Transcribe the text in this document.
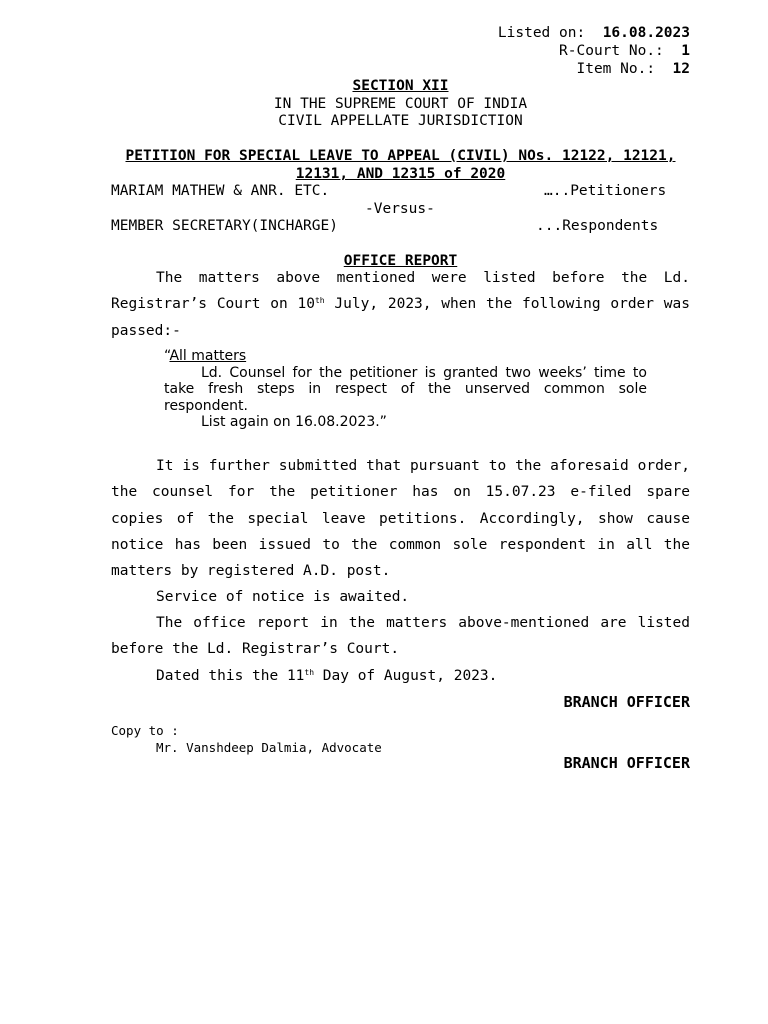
Listed on: 16.08.2023
R-Court No.: 1
Item No.: 12
SECTION XII
IN THE SUPREME COURT OF INDIA
CIVIL APPELLATE JURISDICTION
PETITION FOR SPECIAL LEAVE TO APPEAL (CIVIL) NOs. 12122, 12121,
12131, AND 12315 of 2020
MARIAM MATHEW & ANR. ETC.	…..Petitioners
-Versus-
MEMBER SECRETARY(INCHARGE)	...Respondents
OFFICE REPORT
The matters above mentioned were listed before the Ld. Registrar’s Court on 10th July, 2023, when the following order was passed:-
“All matters
Ld. Counsel for the petitioner is granted two weeks’ time to take fresh steps in respect of the unserved common sole respondent.
List again on 16.08.2023.”
It is further submitted that pursuant to the aforesaid order, the counsel for the petitioner has on 15.07.23 e-filed spare copies of the special leave petitions. Accordingly, show cause notice has been issued to the common sole respondent in all the matters by registered A.D. post.
Service of notice is awaited.
The office report in the matters above-mentioned are listed before the Ld. Registrar’s Court.
Dated this the 11th Day of August, 2023.
BRANCH OFFICER
Copy to :
Mr. Vanshdeep Dalmia, Advocate
BRANCH OFFICER
